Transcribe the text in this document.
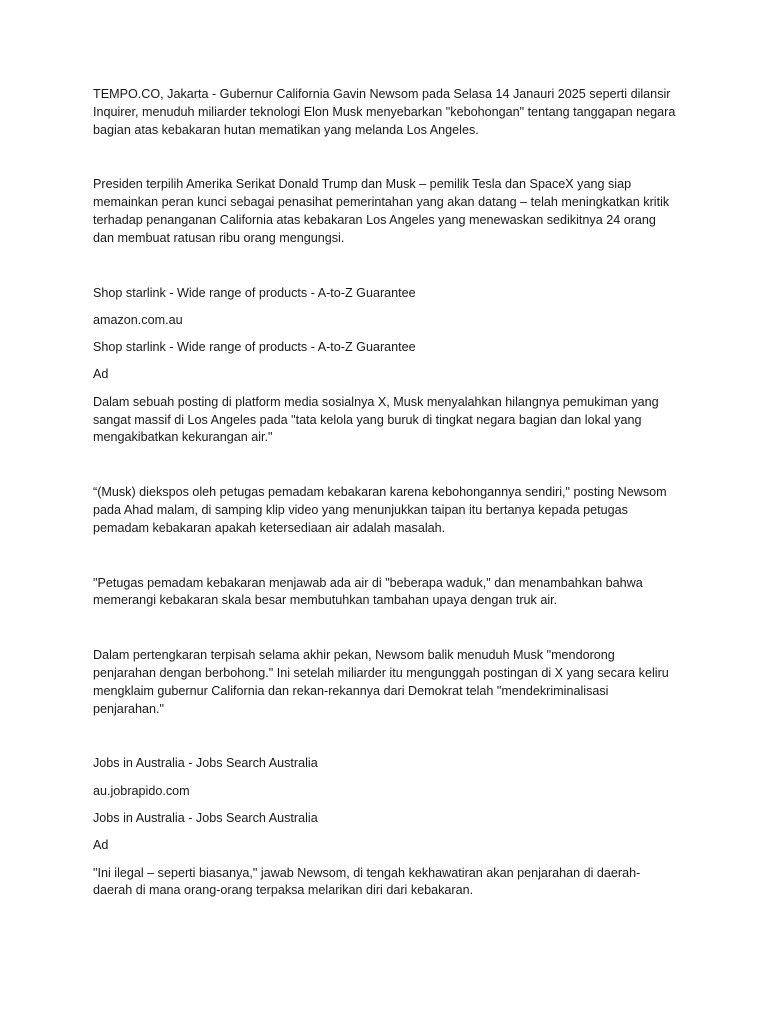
TEMPO.CO, Jakarta - Gubernur California Gavin Newsom pada Selasa 14 Janauri 2025 seperti dilansir Inquirer, menuduh miliarder teknologi Elon Musk menyebarkan "kebohongan" tentang tanggapan negara bagian atas kebakaran hutan mematikan yang melanda Los Angeles.

Presiden terpilih Amerika Serikat Donald Trump dan Musk – pemilik Tesla dan SpaceX yang siap memainkan peran kunci sebagai penasihat pemerintahan yang akan datang – telah meningkatkan kritik terhadap penanganan California atas kebakaran Los Angeles yang menewaskan sedikitnya 24 orang dan membuat ratusan ribu orang mengungsi.

Shop starlink - Wide range of products - A-to-Z Guarantee

amazon.com.au

Shop starlink - Wide range of products - A-to-Z Guarantee

Ad

Dalam sebuah posting di platform media sosialnya X, Musk menyalahkan hilangnya pemukiman yang sangat massif di Los Angeles pada "tata kelola yang buruk di tingkat negara bagian dan lokal yang mengakibatkan kekurangan air."

“(Musk) diekspos oleh petugas pemadam kebakaran karena kebohongannya sendiri," posting Newsom pada Ahad malam, di samping klip video yang menunjukkan taipan itu bertanya kepada petugas pemadam kebakaran apakah ketersediaan air adalah masalah.

"Petugas pemadam kebakaran menjawab ada air di "beberapa waduk," dan menambahkan bahwa memerangi kebakaran skala besar membutuhkan tambahan upaya dengan truk air.

Dalam pertengkaran terpisah selama akhir pekan, Newsom balik menuduh Musk "mendorong penjarahan dengan berbohong." Ini setelah miliarder itu mengunggah postingan di X yang secara keliru mengklaim gubernur California dan rekan-rekannya dari Demokrat telah "mendekriminalisasi penjarahan."

Jobs in Australia - Jobs Search Australia

au.jobrapido.com

Jobs in Australia - Jobs Search Australia

Ad

"Ini ilegal – seperti biasanya," jawab Newsom, di tengah kekhawatiran akan penjarahan di daerah-daerah di mana orang-orang terpaksa melarikan diri dari kebakaran.
